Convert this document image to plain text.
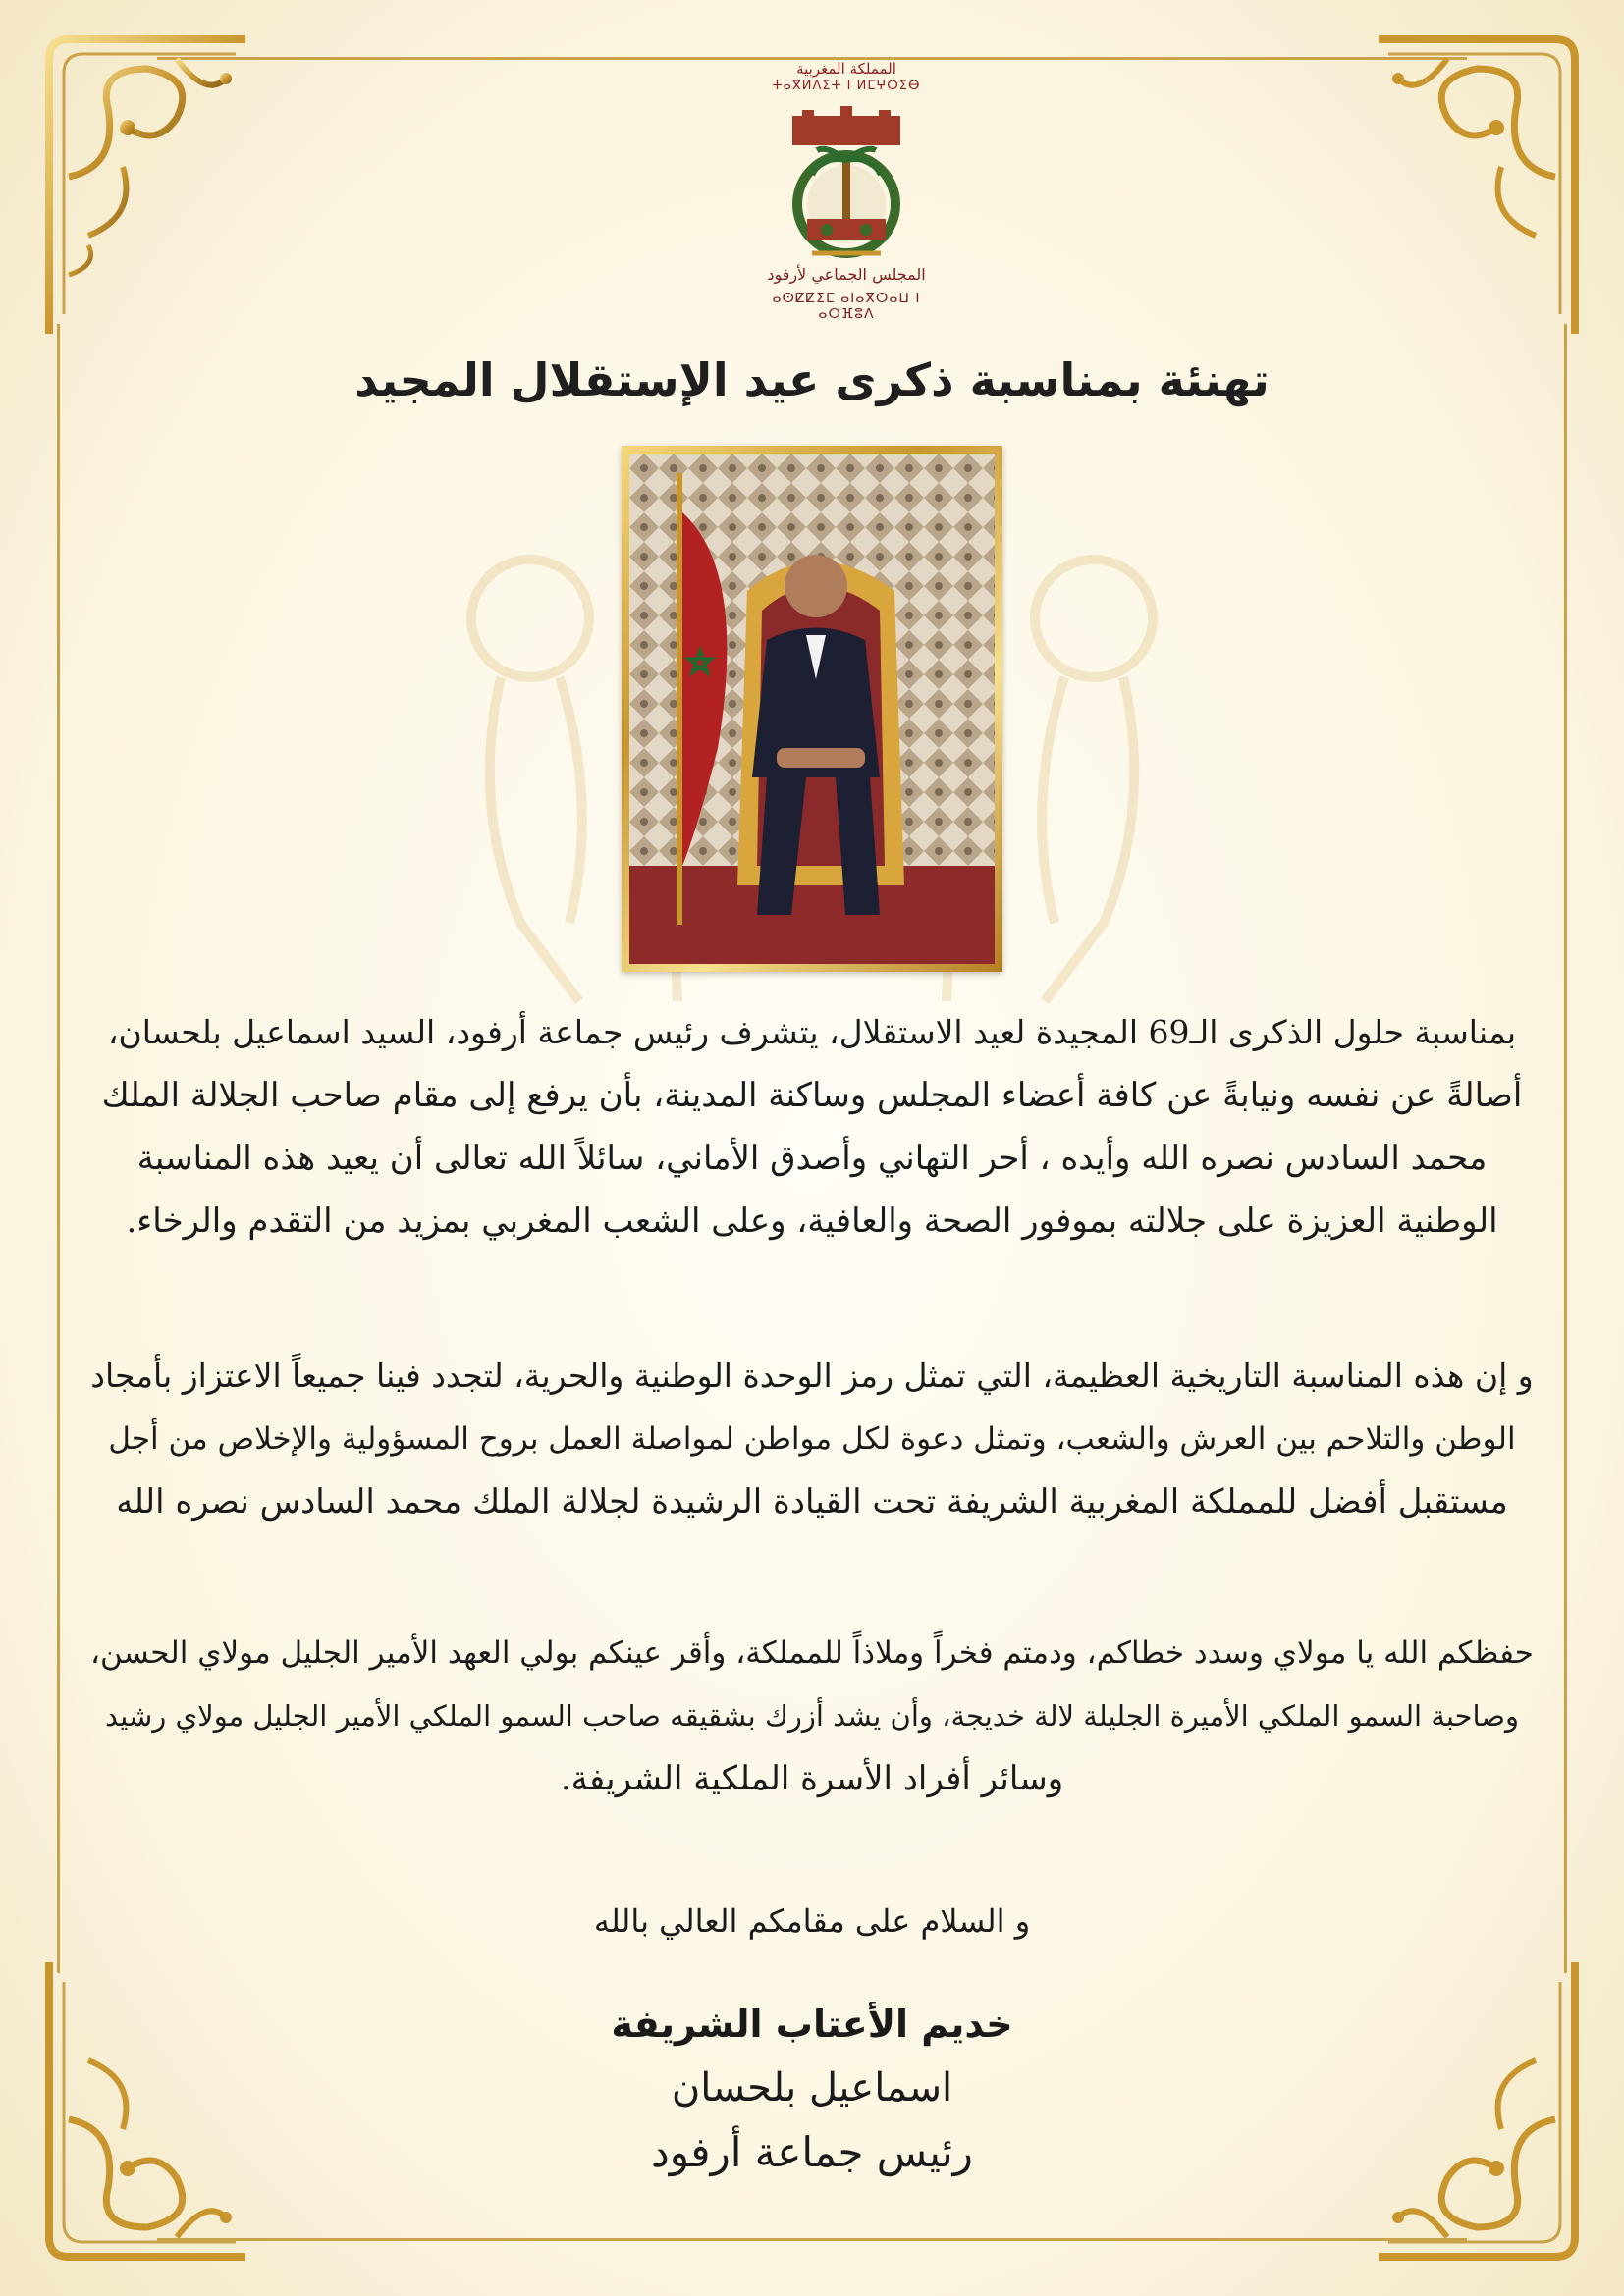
المملكة المغربية
ⵜⴰⴳⵍⴷⵉⵜ ⵏ ⵍⵎⵖⵔⵉⴱ
المجلس الجماعي لأرفود
ⴰⵙⵇⵇⵉⵎ ⴰⵏⴰⴳⵔⴰⵡ ⵏ ⴰⵔⴼⵓⴷ
تهنئة بمناسبة ذكرى عيد الإستقلال المجيد
بمناسبة حلول الذكرى الـ69 المجيدة لعيد الاستقلال، يتشرف رئيس جماعة أرفود، السيد اسماعيل بلحسان،
أصالةً عن نفسه ونيابةً عن كافة أعضاء المجلس وساكنة المدينة، بأن يرفع إلى مقام صاحب الجلالة الملك
محمد السادس نصره الله وأيده ، أحر التهاني وأصدق الأماني، سائلاً الله تعالى أن يعيد هذه المناسبة
الوطنية العزيزة على جلالته بموفور الصحة والعافية، وعلى الشعب المغربي بمزيد من التقدم والرخاء.
و إن هذه المناسبة التاريخية العظيمة، التي تمثل رمز الوحدة الوطنية والحرية، لتجدد فينا جميعاً الاعتزاز بأمجاد
الوطن والتلاحم بين العرش والشعب، وتمثل دعوة لكل مواطن لمواصلة العمل بروح المسؤولية والإخلاص من أجل
مستقبل أفضل للمملكة المغربية الشريفة تحت القيادة الرشيدة لجلالة الملك محمد السادس نصره الله
حفظكم الله يا مولاي وسدد خطاكم، ودمتم فخراً وملاذاً للمملكة، وأقر عينكم بولي العهد الأمير الجليل مولاي الحسن،
وصاحبة السمو الملكي الأميرة الجليلة لالة خديجة، وأن يشد أزرك بشقيقه صاحب السمو الملكي الأمير الجليل مولاي رشيد
وسائر أفراد الأسرة الملكية الشريفة.
و السلام على مقامكم العالي بالله
خديم الأعتاب الشريفة
اسماعيل بلحسان
رئيس جماعة أرفود
